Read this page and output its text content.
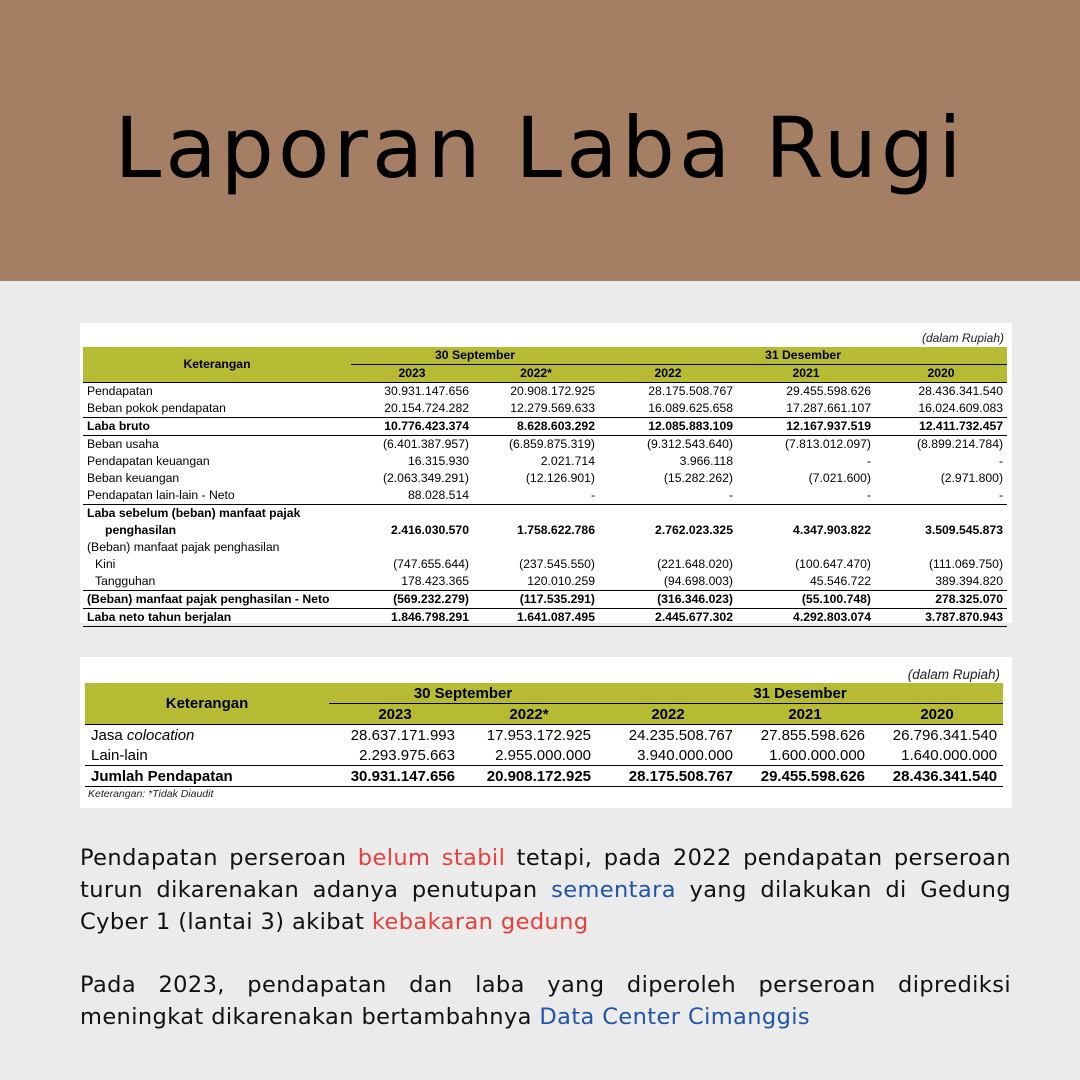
Laporan Laba Rugi
(dalam Rupiah)
Keterangan	30 September		31 Desember		
	2023	2022*	2022	2021	2020
Pendapatan	30.931.147.656	20.908.172.925	28.175.508.767	29.455.598.626	28.436.341.540
Beban pokok pendapatan	20.154.724.282	12.279.569.633	16.089.625.658	17.287.661.107	16.024.609.083
Laba bruto	10.776.423.374	8.628.603.292	12.085.883.109	12.167.937.519	12.411.732.457
Beban usaha	(6.401.387.957)	(6.859.875.319)	(9.312.543.640)	(7.813.012.097)	(8.899.214.784)
Pendapatan keuangan	16.315.930	2.021.714	3.966.118	-	-
Beban keuangan	(2.063.349.291)	(12.126.901)	(15.282.262)	(7.021.600)	(2.971.800)
Pendapatan lain-lain - Neto	88.028.514	-	-	-	-
Laba sebelum (beban) manfaat pajak					
penghasilan	2.416.030.570	1.758.622.786	2.762.023.325	4.347.903.822	3.509.545.873
(Beban) manfaat pajak penghasilan					
Kini	(747.655.644)	(237.545.550)	(221.648.020)	(100.647.470)	(111.069.750)
Tangguhan	178.423.365	120.010.259	(94.698.003)	45.546.722	389.394.820
(Beban) manfaat pajak penghasilan - Neto	(569.232.279)	(117.535.291)	(316.346.023)	(55.100.748)	278.325.070
Laba neto tahun berjalan	1.846.798.291	1.641.087.495	2.445.677.302	4.292.803.074	3.787.870.943
(dalam Rupiah)
Keterangan	30 September		31 Desember		
	2023	2022*	2022	2021	2020
Jasa colocation	28.637.171.993	17.953.172.925	24.235.508.767	27.855.598.626	26.796.341.540
Lain-lain	2.293.975.663	2.955.000.000	3.940.000.000	1.600.000.000	1.640.000.000
Jumlah Pendapatan	30.931.147.656	20.908.172.925	28.175.508.767	29.455.598.626	28.436.341.540
Keterangan: *Tidak Diaudit
Pendapatan perseroan belum stabil tetapi, pada 2022 pendapatan perseroan turun dikarenakan adanya penutupan sementara yang dilakukan di Gedung Cyber 1 (lantai 3) akibat kebakaran gedung
Pada 2023, pendapatan dan laba yang diperoleh perseroan diprediksi meningkat dikarenakan bertambahnya Data Center Cimanggis
